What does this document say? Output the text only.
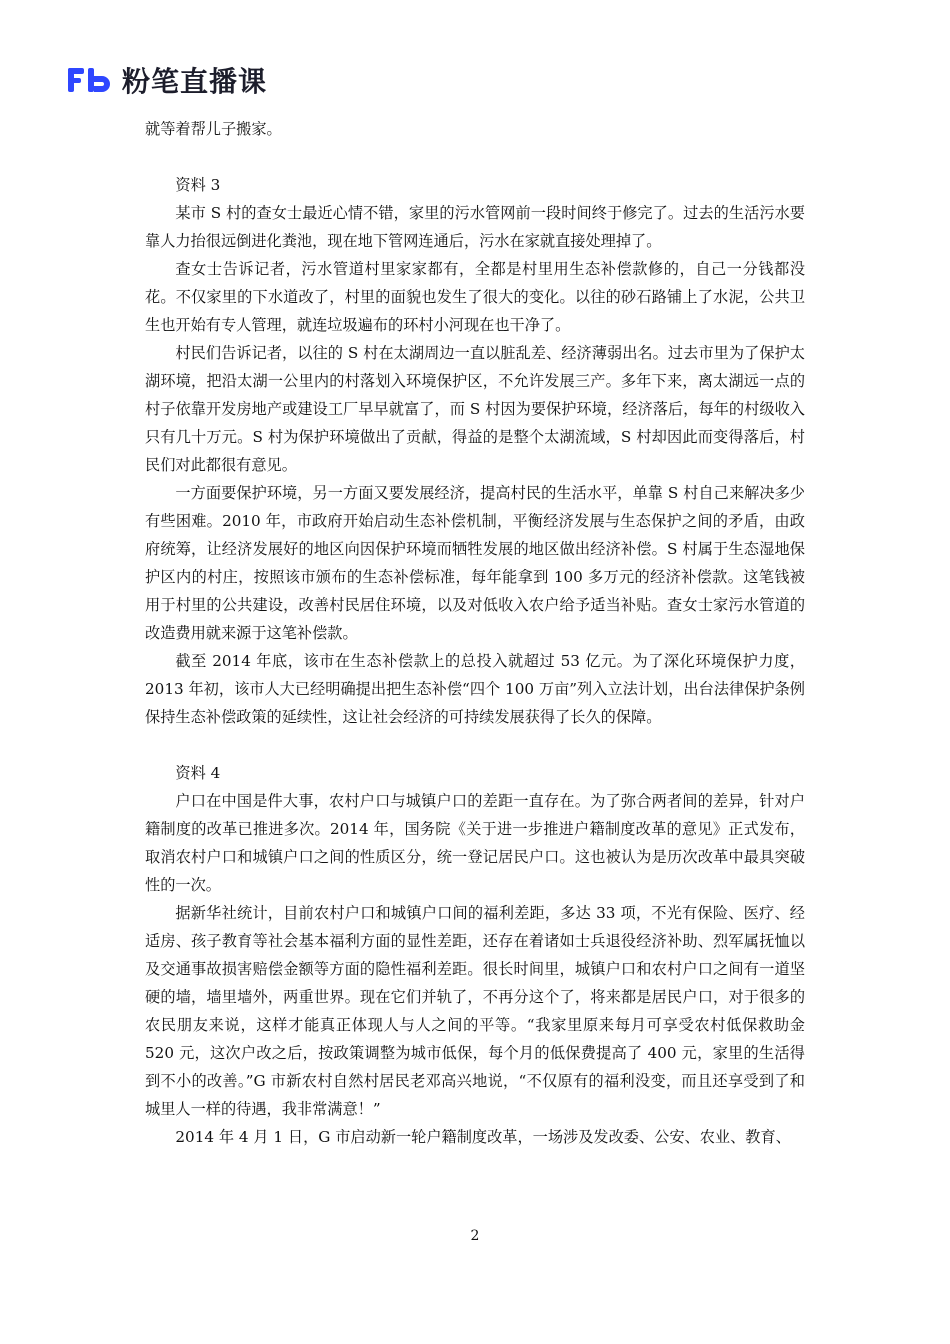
粉笔直播课

就等着帮儿子搬家。

资料 3

某市 S 村的查女士最近心情不错，家里的污水管网前一段时间终于修完了。过去的生活污水要靠人力抬很远倒进化粪池，现在地下管网连通后，污水在家就直接处理掉了。

查女士告诉记者，污水管道村里家家都有，全都是村里用生态补偿款修的，自己一分钱都没花。不仅家里的下水道改了，村里的面貌也发生了很大的变化。以往的砂石路铺上了水泥，公共卫生也开始有专人管理，就连垃圾遍布的环村小河现在也干净了。

村民们告诉记者，以往的 S 村在太湖周边一直以脏乱差、经济薄弱出名。过去市里为了保护太湖环境，把沿太湖一公里内的村落划入环境保护区，不允许发展三产。多年下来，离太湖远一点的村子依靠开发房地产或建设工厂早早就富了，而 S 村因为要保护环境，经济落后，每年的村级收入只有几十万元。S 村为保护环境做出了贡献，得益的是整个太湖流域，S 村却因此而变得落后，村民们对此都很有意见。

一方面要保护环境，另一方面又要发展经济，提高村民的生活水平，单靠 S 村自己来解决多少有些困难。2010 年，市政府开始启动生态补偿机制，平衡经济发展与生态保护之间的矛盾，由政府统筹，让经济发展好的地区向因保护环境而牺牲发展的地区做出经济补偿。S 村属于生态湿地保护区内的村庄，按照该市颁布的生态补偿标准，每年能拿到 100 多万元的经济补偿款。这笔钱被用于村里的公共建设，改善村民居住环境，以及对低收入农户给予适当补贴。查女士家污水管道的改造费用就来源于这笔补偿款。

截至 2014 年底，该市在生态补偿款上的总投入就超过 53 亿元。为了深化环境保护力度，2013 年初，该市人大已经明确提出把生态补偿“四个 100 万亩”列入立法计划，出台法律保护条例保持生态补偿政策的延续性，这让社会经济的可持续发展获得了长久的保障。

资料 4

户口在中国是件大事，农村户口与城镇户口的差距一直存在。为了弥合两者间的差异，针对户籍制度的改革已推进多次。2014 年，国务院《关于进一步推进户籍制度改革的意见》正式发布，取消农村户口和城镇户口之间的性质区分，统一登记居民户口。这也被认为是历次改革中最具突破性的一次。

据新华社统计，目前农村户口和城镇户口间的福利差距，多达 33 项，不光有保险、医疗、经适房、孩子教育等社会基本福利方面的显性差距，还存在着诸如士兵退役经济补助、烈军属抚恤以及交通事故损害赔偿金额等方面的隐性福利差距。很长时间里，城镇户口和农村户口之间有一道坚硬的墙，墙里墙外，两重世界。现在它们并轨了，不再分这个了，将来都是居民户口，对于很多的农民朋友来说，这样才能真正体现人与人之间的平等。“我家里原来每月可享受农村低保救助金 520 元，这次户改之后，按政策调整为城市低保，每个月的低保费提高了 400 元，家里的生活得到不小的改善。”G 市新农村自然村居民老邓高兴地说，“不仅原有的福利没变，而且还享受到了和城里人一样的待遇，我非常满意！”

2014 年 4 月 1 日，G 市启动新一轮户籍制度改革，一场涉及发改委、公安、农业、教育、

2
